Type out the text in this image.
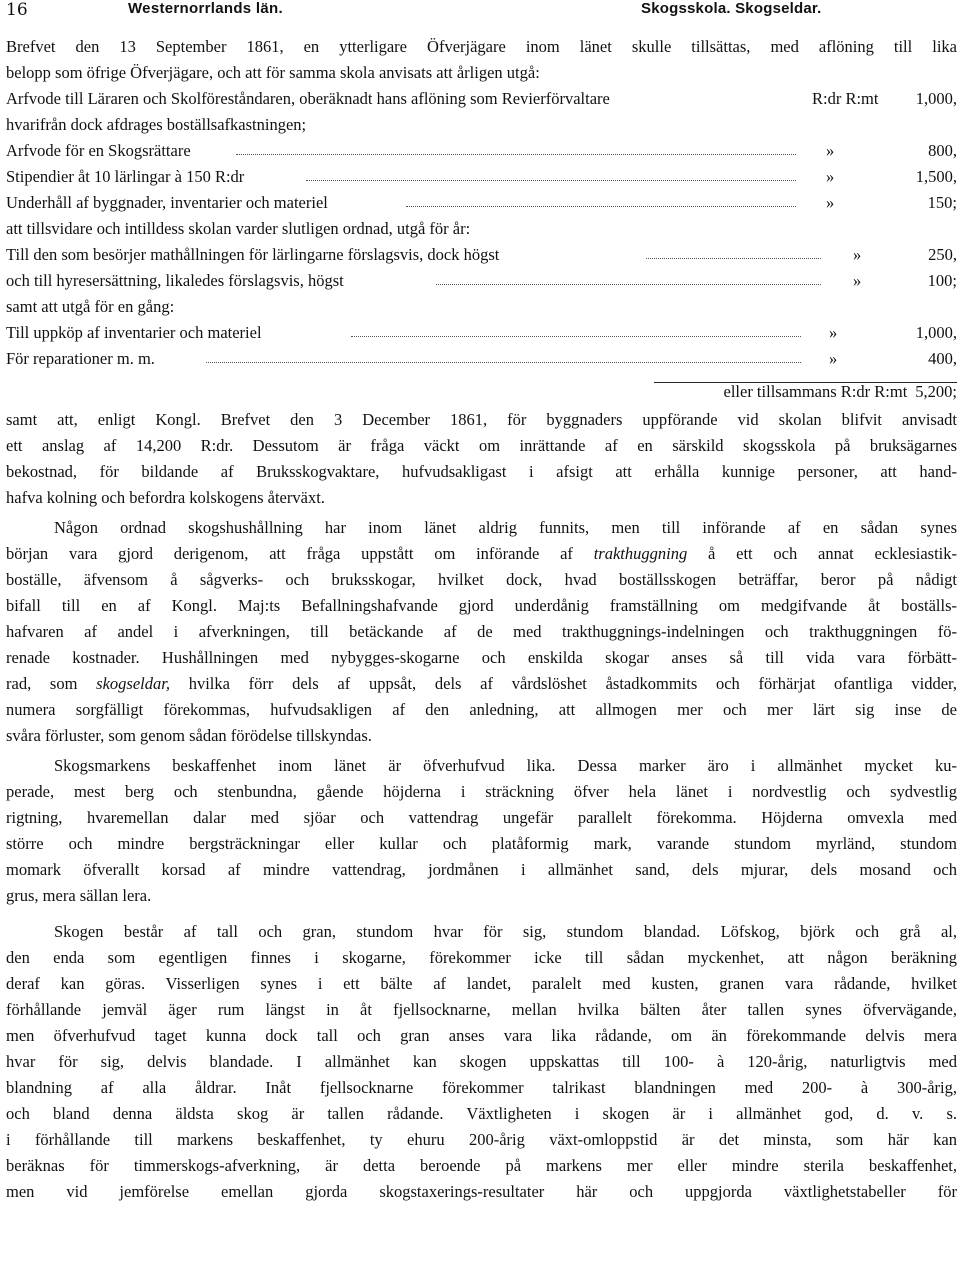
16	Westernorrlands län.	Skogsskola. Skogseldar.
Brefvet den 13 September 1861, en ytterligare Öfverjägare inom länet skulle tillsättas, med aflöning till lika
belopp som öfrige Öfverjägare, och att för samma skola anvisats att årligen utgå:
Arfvode till Läraren och Skolföreståndaren, oberäknadt hans aflöning som Revierförvaltare	R:dr R:mt 1,000,
hvarifrån dock afdrages boställsafkastningen;
Arfvode för en Skogsrättare	»	800,
Stipendier åt 10 lärlingar à 150 R:dr	»	1,500,
Underhåll af byggnader, inventarier och materiel	»	150;
att tillsvidare och intilldess skolan varder slutligen ordnad, utgå för år:
Till den som besörjer mathållningen för lärlingarne förslagsvis, dock högst	»	250,
och till hyresersättning, likaledes förslagsvis, högst	»	100;
samt att utgå för en gång:
Till uppköp af inventarier och materiel	»	1,000,
För reparationer m. m.	»	400,
eller tillsammans R:dr R:mt 5,200;
samt att, enligt Kongl. Brefvet den 3 December 1861, för byggnaders uppförande vid skolan blifvit anvisadt
ett anslag af 14,200 R:dr. Dessutom är fråga väckt om inrättande af en särskild skogsskola på bruksägarnes
bekostnad, för bildande af Bruksskogvaktare, hufvudsakligast i afsigt att erhålla kunnige personer, att hand-
hafva kolning och befordra kolskogens återväxt.
Någon ordnad skogshushållning har inom länet aldrig funnits, men till införande af en sådan synes
början vara gjord derigenom, att fråga uppstått om införande af trakthuggning å ett och annat ecklesiastik-
boställe, äfvensom å sågverks- och bruksskogar, hvilket dock, hvad boställsskogen beträffar, beror på nådigt
bifall till en af Kongl. Maj:ts Befallningshafvande gjord underdånig framställning om medgifvande åt boställs-
hafvaren af andel i afverkningen, till betäckande af de med trakthuggnings-indelningen och trakthuggningen fö-
renade kostnader. Hushållningen med nybygges-skogarne och enskilda skogar anses så till vida vara förbätt-
rad, som skogseldar, hvilka förr dels af uppsåt, dels af vårdslöshet åstadkommits och förhärjat ofantliga vidder,
numera sorgfälligt förekommas, hufvudsakligen af den anledning, att allmogen mer och mer lärt sig inse de
svåra förluster, som genom sådan förödelse tillskyndas.
Skogsmarkens beskaffenhet inom länet är öfverhufvud lika. Dessa marker äro i allmänhet mycket ku-
perade, mest berg och stenbundna, gående höjderna i sträckning öfver hela länet i nordvestlig och sydvestlig
rigtning, hvaremellan dalar med sjöar och vattendrag ungefär parallelt förekomma. Höjderna omvexla med
större och mindre bergsträckningar eller kullar och platåformig mark, varande stundom myrländ, stundom
momark öfverallt korsad af mindre vattendrag, jordmånen i allmänhet sand, dels mjurar, dels mosand och
grus, mera sällan lera.
Skogen består af tall och gran, stundom hvar för sig, stundom blandad. Löfskog, björk och grå al,
den enda som egentligen finnes i skogarne, förekommer icke till sådan myckenhet, att någon beräkning
deraf kan göras. Visserligen synes i ett bälte af landet, paralelt med kusten, granen vara rådande, hvilket
förhållande jemväl äger rum längst in åt fjellsocknarne, mellan hvilka bälten åter tallen synes öfvervägande,
men öfverhufvud taget kunna dock tall och gran anses vara lika rådande, om än förekommande delvis mera
hvar för sig, delvis blandade. I allmänhet kan skogen uppskattas till 100- à 120-årig, naturligtvis med
blandning af alla åldrar. Inåt fjellsocknarne förekommer talrikast blandningen med 200- à 300-årig,
och bland denna äldsta skog är tallen rådande. Växtligheten i skogen är i allmänhet god, d. v. s.
i förhållande till markens beskaffenhet, ty ehuru 200-årig växt-omloppstid är det minsta, som här kan
beräknas för timmerskogs-afverkning, är detta beroende på markens mer eller mindre sterila beskaffenhet,
men vid jemförelse emellan gjorda skogstaxerings-resultater här och uppgjorda växtlighetstabeller för
